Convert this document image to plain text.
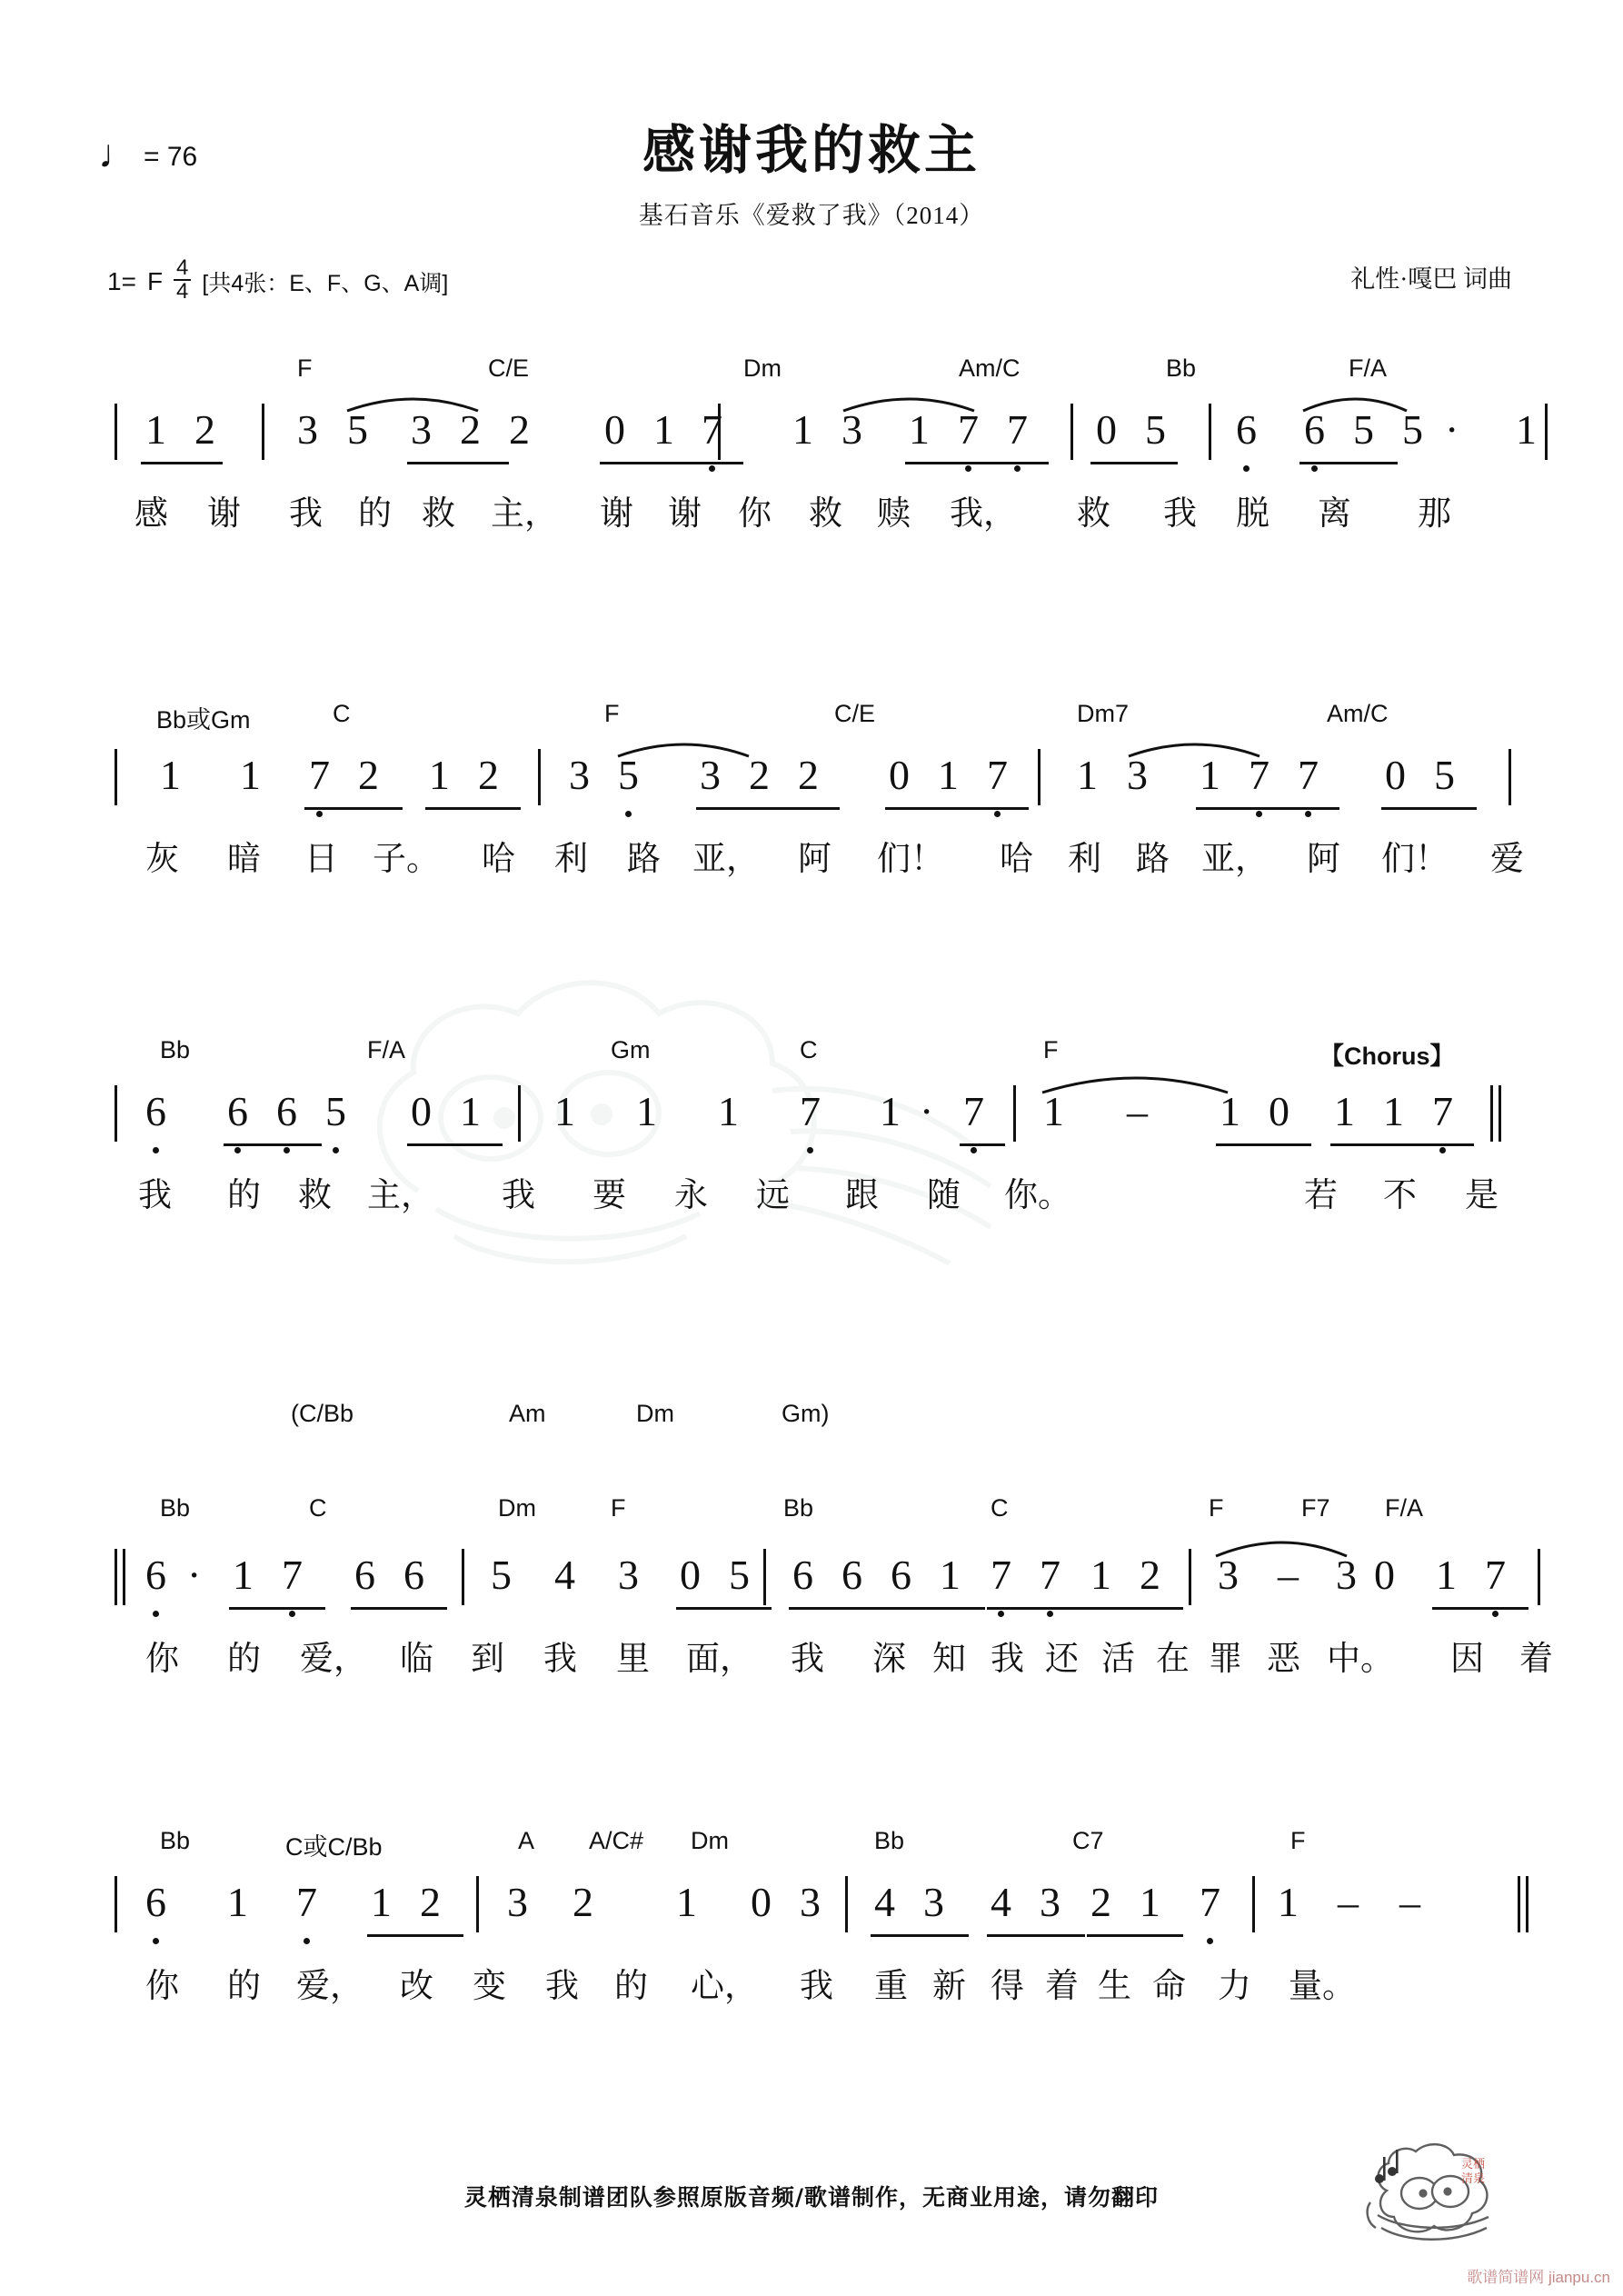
♩ = 76	感谢我的救主
基石音乐《爱救了我》（2014）
1= F $\frac{4}{4}$ [共4张：E、F、G、A调]	礼性·嘎巴 词曲
F	C/E	Dm	Am/C	Bb	F/A
1 2 3 5 3 2 2 0 1 7 1 3 1 7 7 0 5 6 6 5 5 · 1
感 谢 我 的 救 主， 谢 谢 你 救 赎 我， 救 我 脱 离 那
Bb或Gm	C	F	C/E	Dm7	Am/C
1 1 7 2 1 2 3 5 3 2 2 0 1 7 1 3 1 7 7 0 5
灰 暗 日 子。 哈 利 路 亚， 阿 们！ 哈 利 路 亚， 阿 们！ 爱
Bb	F/A	Gm	C	F	【Chorus】
6 6 6 5 0 1 1 1 1 7 1 · 7 1 – 1 0 1 1 7
我 的 救 主， 我 要 永 远 跟 随 你。	若 不 是
(C/Bb	Am	Dm	Gm)
Bb	C	Dm	F	Bb	C	F	F7 F/A
6 · 1 7 6 6 5 4 3 0 5 6 6 6 1 7 7 1 2 3 – 3 0 1 7
你 的 爱， 临 到 我 里 面， 我 深 知 我 还 活 在 罪 恶 中。 因 着
Bb	C或C/Bb	A A/C# Dm	Bb	C7	F
6 1 7 1 2 3 2 1 0 3 4 3 4 3 2 1 7 1 – –
你 的 爱， 改 变 我 的 心， 我 重 新 得 着 生 命 力 量。
灵栖清泉制谱团队参照原版音频/歌谱制作，无商业用途，请勿翻印
灵栖
清泉
歌谱简谱网 jianpu.cn
